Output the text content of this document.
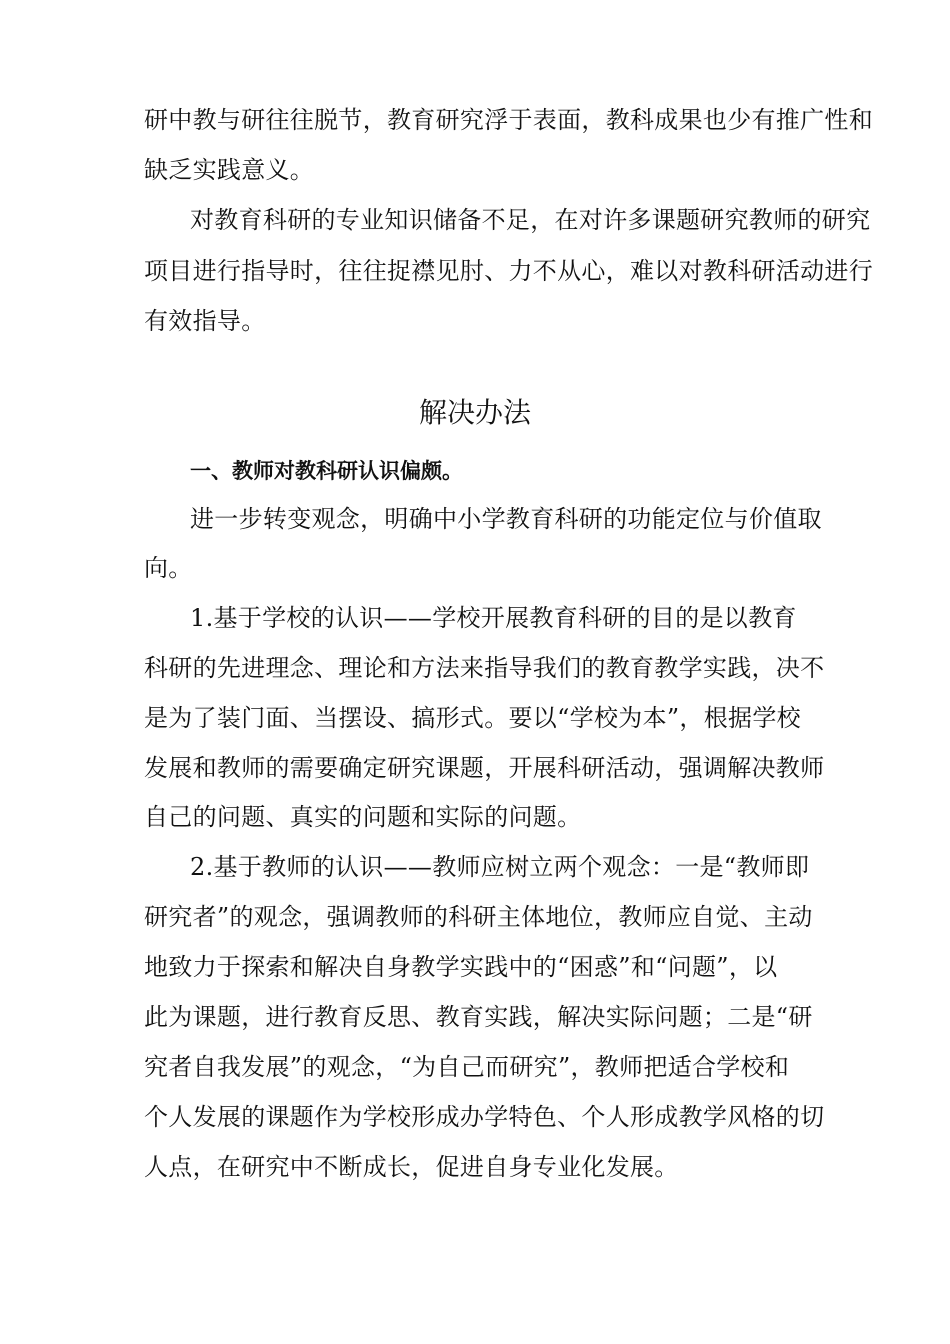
研中教与研往往脱节，教育研究浮于表面，教科成果也少有推广性和
缺乏实践意义。
对教育科研的专业知识储备不足，在对许多课题研究教师的研究
项目进行指导时，往往捉襟见肘、力不从心，难以对教科研活动进行
有效指导。
解决办法
一、教师对教科研认识偏颇。
进一步转变观念，明确中小学教育科研的功能定位与价值取
向。
1.基于学校的认识——学校开展教育科研的目的是以教育
科研的先进理念、理论和方法来指导我们的教育教学实践，决不
是为了装门面、当摆设、搞形式。要以“学校为本”，根据学校
发展和教师的需要确定研究课题，开展科研活动，强调解决教师
自己的问题、真实的问题和实际的问题。
2.基于教师的认识——教师应树立两个观念：一是“教师即
研究者”的观念，强调教师的科研主体地位，教师应自觉、主动
地致力于探索和解决自身教学实践中的“困惑”和“问题”，以
此为课题，进行教育反思、教育实践，解决实际问题；二是“研
究者自我发展”的观念，“为自己而研究”，教师把适合学校和
个人发展的课题作为学校形成办学特色、个人形成教学风格的切
人点，在研究中不断成长，促进自身专业化发展。
